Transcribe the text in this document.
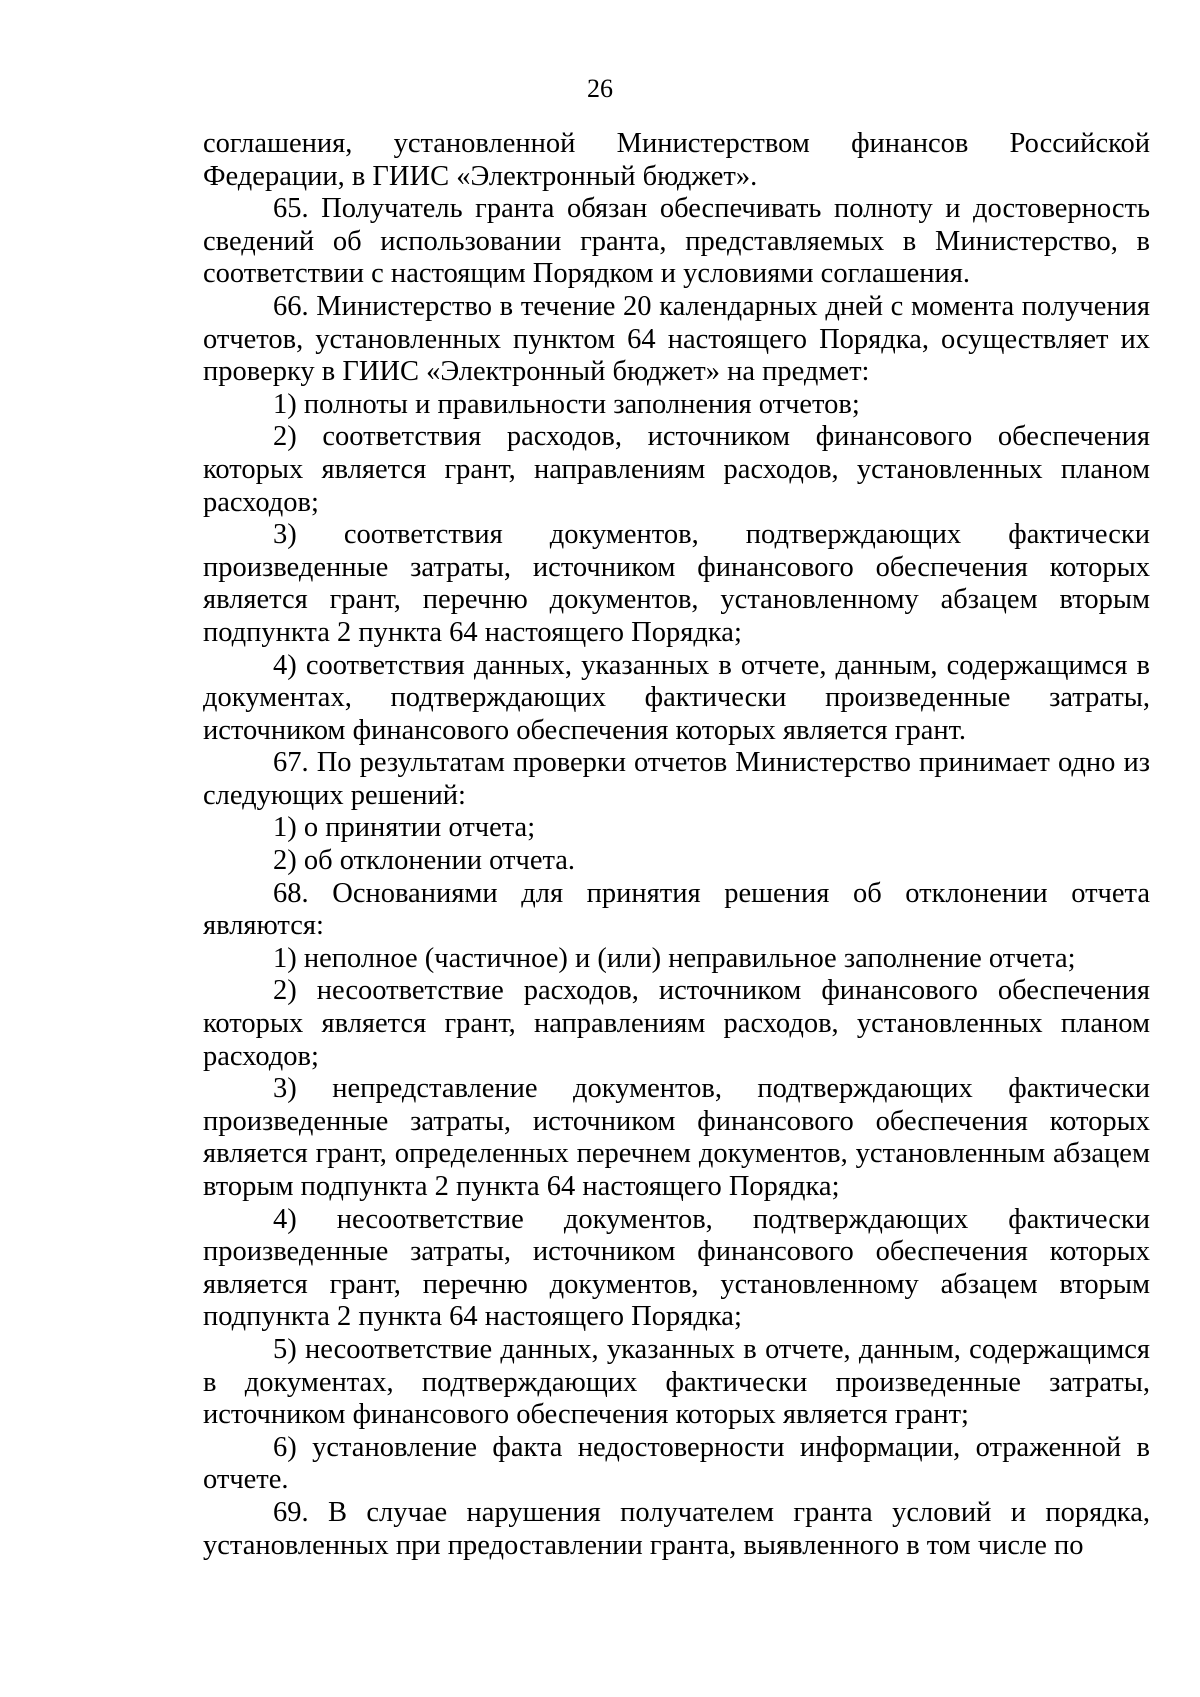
26

соглашения, установленной Министерством финансов Российской Федерации, в ГИИС «Электронный бюджет».

65. Получатель гранта обязан обеспечивать полноту и достоверность сведений об использовании гранта, представляемых в Министерство, в соответствии с настоящим Порядком и условиями соглашения.

66. Министерство в течение 20 календарных дней с момента получения отчетов, установленных пунктом 64 настоящего Порядка, осуществляет их проверку в ГИИС «Электронный бюджет» на предмет:

1) полноты и правильности заполнения отчетов;

2) соответствия расходов, источником финансового обеспечения которых является грант, направлениям расходов, установленных планом расходов;

3) соответствия документов, подтверждающих фактически произведенные затраты, источником финансового обеспечения которых является грант, перечню документов, установленному абзацем вторым подпункта 2 пункта 64 настоящего Порядка;

4) соответствия данных, указанных в отчете, данным, содержащимся в документах, подтверждающих фактически произведенные затраты, источником финансового обеспечения которых является грант.

67. По результатам проверки отчетов Министерство принимает одно из следующих решений:

1) о принятии отчета;

2) об отклонении отчета.

68. Основаниями для принятия решения об отклонении отчета являются:

1) неполное (частичное) и (или) неправильное заполнение отчета;

2) несоответствие расходов, источником финансового обеспечения которых является грант, направлениям расходов, установленных планом расходов;

3) непредставление документов, подтверждающих фактически произведенные затраты, источником финансового обеспечения которых является грант, определенных перечнем документов, установленным абзацем вторым подпункта 2 пункта 64 настоящего Порядка;

4) несоответствие документов, подтверждающих фактически произведенные затраты, источником финансового обеспечения которых является грант, перечню документов, установленному абзацем вторым подпункта 2 пункта 64 настоящего Порядка;

5) несоответствие данных, указанных в отчете, данным, содержащимся в документах, подтверждающих фактически произведенные затраты, источником финансового обеспечения которых является грант;

6) установление факта недостоверности информации, отраженной в отчете.

69. В случае нарушения получателем гранта условий и порядка, установленных при предоставлении гранта, выявленного в том числе по
